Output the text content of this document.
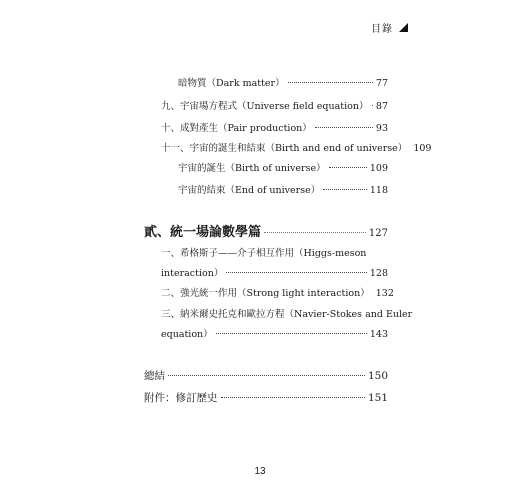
目錄
暗物質（Dark matter）	77
九、宇宙場方程式（Universe field equation） 87
十、成對產生（Pair production）	93
十一、宇宙的誕生和結束（Birth and end of universe） 109
宇宙的誕生（Birth of universe）	109
宇宙的結束（End of universe）	118
貳、統一場論數學篇	127
一、希格斯子——介子相互作用（Higgs-meson
interaction）	128
二、強光統一作用（Strong light interaction） 132
三、納米爾史托克和歐拉方程（Navier-Stokes and Euler
equation）	143
總結	150
附件：修訂歷史	151
13
